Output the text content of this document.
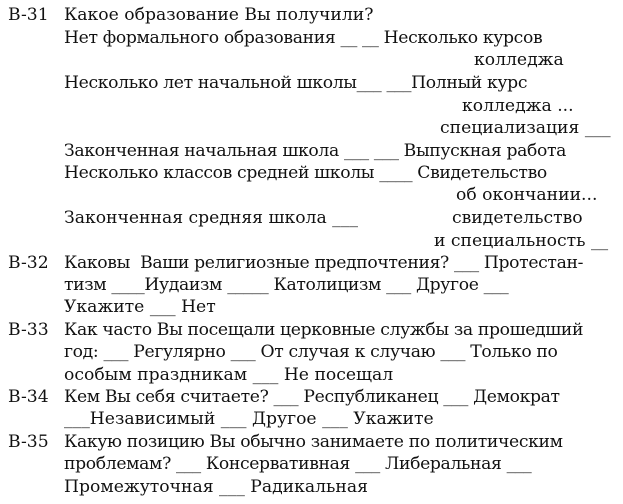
B-31 Какое образование Вы получили?
Нет формального образования __ __ Несколько курсов
колледжа
Несколько лет начальной школы___ ___Полный курс
колледжа ...
специализация ___
Законченная начальная школа ___ ___ Выпускная работа
Несколько классов средней школы ____ Свидетельство
об окончании...
Законченная средняя школа ___	свидетельство
и специальность __
B-32 Каковы  Ваши религиозные предпочтения? ___ Протестан-
тизм ____Иудаизм _____ Католицизм ___ Другое ___
Укажите ___ Нет
B-33 Как часто Вы посещали церковные службы за прошедший
год: ___ Регулярно ___ От случая к случаю ___ Только по
особым праздникам ___ Не посещал
B-34 Кем Вы себя считаете? ___ Республиканец ___ Демократ
___Независимый ___ Другое ___ Укажите
B-35 Какую позицию Вы обычно занимаете по политическим
проблемам? ___ Консервативная ___ Либеральная ___
Промежуточная ___ Радикальная
